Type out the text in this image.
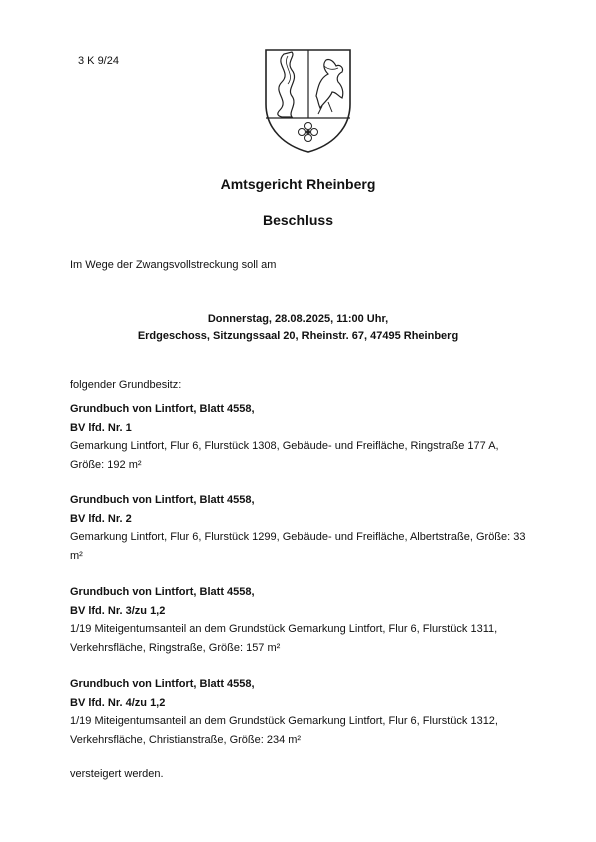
3 K 9/24
Amtsgericht Rheinberg
Beschluss
Im Wege der Zwangsvollstreckung soll am
Donnerstag, 28.08.2025, 11:00 Uhr,
Erdgeschoss, Sitzungssaal 20, Rheinstr. 67, 47495 Rheinberg
folgender Grundbesitz:
Grundbuch von Lintfort, Blatt 4558,
BV lfd. Nr. 1
Gemarkung Lintfort, Flur 6, Flurstück 1308, Gebäude- und Freifläche, Ringstraße 177 A, Größe: 192 m²
Grundbuch von Lintfort, Blatt 4558,
BV lfd. Nr. 2
Gemarkung Lintfort, Flur 6, Flurstück 1299, Gebäude- und Freifläche, Albertstraße, Größe: 33 m²
Grundbuch von Lintfort, Blatt 4558,
BV lfd. Nr. 3/zu 1,2
1/19 Miteigentumsanteil an dem Grundstück Gemarkung Lintfort, Flur 6, Flurstück 1311, Verkehrsfläche, Ringstraße, Größe: 157 m²
Grundbuch von Lintfort, Blatt 4558,
BV lfd. Nr. 4/zu 1,2
1/19 Miteigentumsanteil an dem Grundstück Gemarkung Lintfort, Flur 6, Flurstück 1312, Verkehrsfläche, Christianstraße, Größe: 234 m²
versteigert werden.
